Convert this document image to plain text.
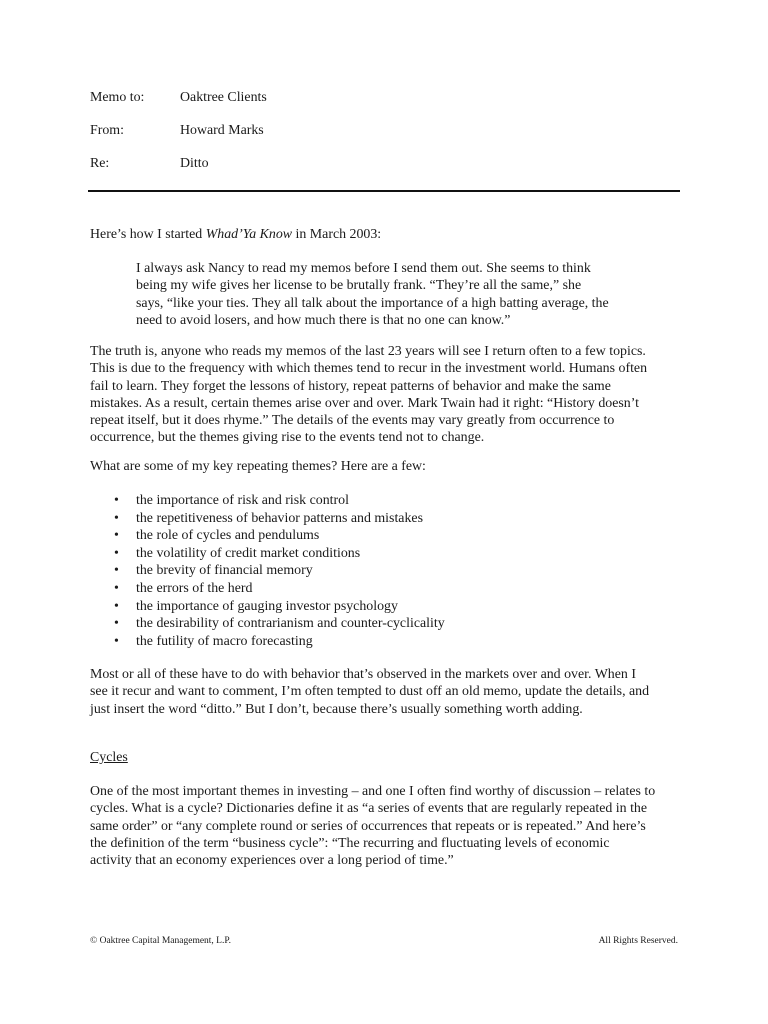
Memo to:	Oaktree Clients
From:	Howard Marks
Re:	Ditto
Here’s how I started Whad’Ya Know in March 2003:
I always ask Nancy to read my memos before I send them out. She seems to think
being my wife gives her license to be brutally frank. “They’re all the same,” she
says, “like your ties. They all talk about the importance of a high batting average, the
need to avoid losers, and how much there is that no one can know.”
The truth is, anyone who reads my memos of the last 23 years will see I return often to a few topics.
This is due to the frequency with which themes tend to recur in the investment world. Humans often
fail to learn. They forget the lessons of history, repeat patterns of behavior and make the same
mistakes. As a result, certain themes arise over and over. Mark Twain had it right: “History doesn’t
repeat itself, but it does rhyme.” The details of the events may vary greatly from occurrence to
occurrence, but the themes giving rise to the events tend not to change.
What are some of my key repeating themes? Here are a few:
• the importance of risk and risk control
• the repetitiveness of behavior patterns and mistakes
• the role of cycles and pendulums
• the volatility of credit market conditions
• the brevity of financial memory
• the errors of the herd
• the importance of gauging investor psychology
• the desirability of contrarianism and counter-cyclicality
• the futility of macro forecasting
Most or all of these have to do with behavior that’s observed in the markets over and over. When I
see it recur and want to comment, I’m often tempted to dust off an old memo, update the details, and
just insert the word “ditto.” But I don’t, because there’s usually something worth adding.
Cycles
One of the most important themes in investing – and one I often find worthy of discussion – relates to
cycles. What is a cycle? Dictionaries define it as “a series of events that are regularly repeated in the
same order” or “any complete round or series of occurrences that repeats or is repeated.” And here’s
the definition of the term “business cycle”: “The recurring and fluctuating levels of economic
activity that an economy experiences over a long period of time.”
© Oaktree Capital Management, L.P.	All Rights Reserved.
